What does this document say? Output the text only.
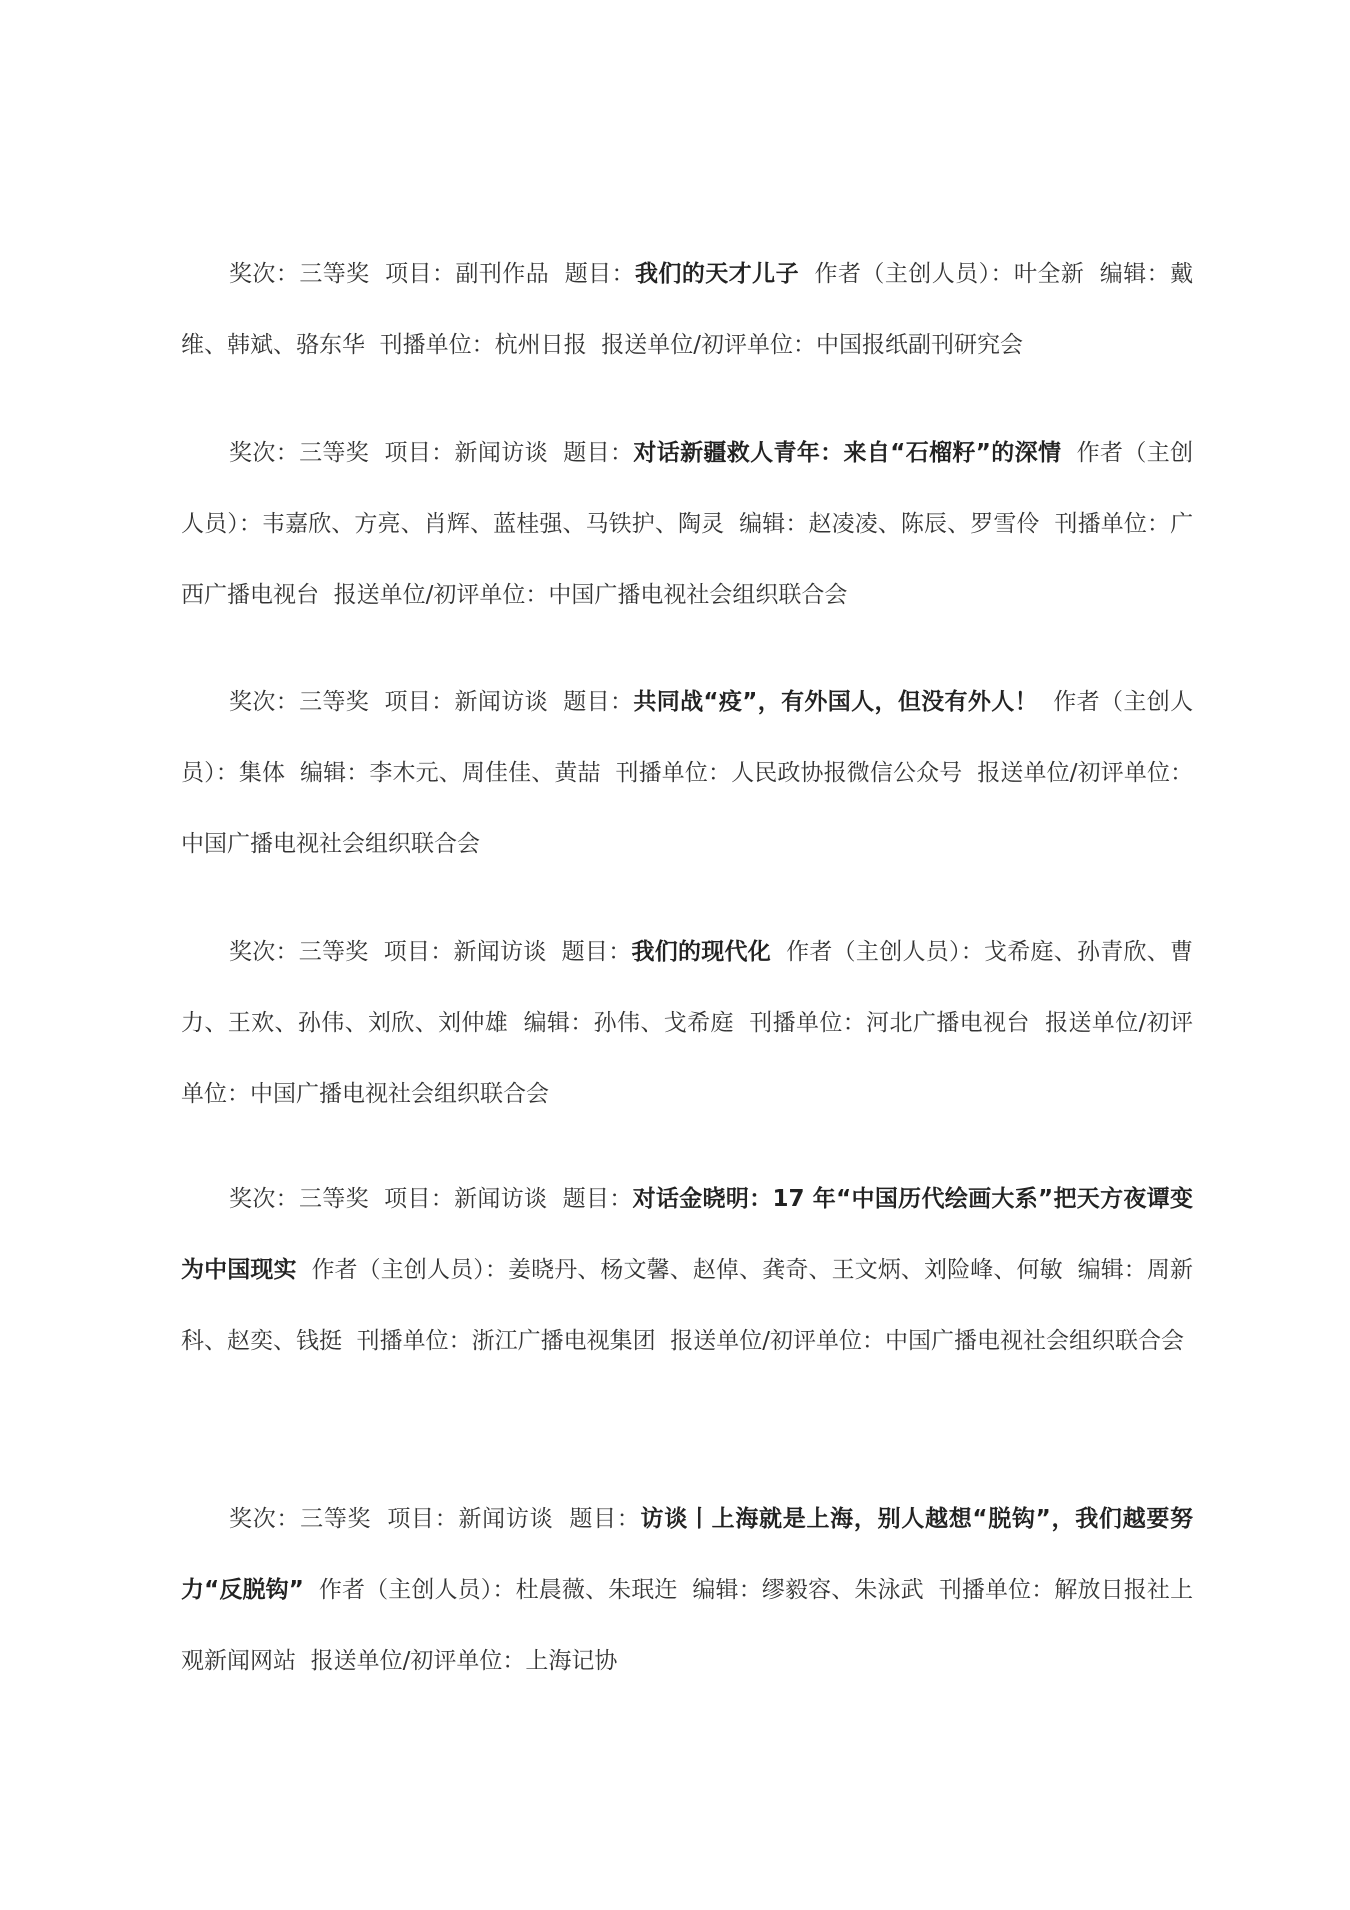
奖次：三等奖 项目：副刊作品 题目：我们的天才儿子 作者（主创人员）：叶全新 编辑：戴维、韩斌、骆东华 刊播单位：杭州日报 报送单位/初评单位：中国报纸副刊研究会

奖次：三等奖 项目：新闻访谈 题目：对话新疆救人青年：来自“石榴籽”的深情 作者（主创人员）：韦嘉欣、方亮、肖辉、蓝桂强、马铁护、陶灵 编辑：赵凌凌、陈辰、罗雪伶 刊播单位：广西广播电视台 报送单位/初评单位：中国广播电视社会组织联合会

奖次：三等奖 项目：新闻访谈 题目：共同战“疫”，有外国人，但没有外人！ 作者（主创人员）：集体 编辑：李木元、周佳佳、黄喆 刊播单位：人民政协报微信公众号 报送单位/初评单位：中国广播电视社会组织联合会

奖次：三等奖 项目：新闻访谈 题目：我们的现代化 作者（主创人员）：戈希庭、孙青欣、曹力、王欢、孙伟、刘欣、刘仲雄 编辑：孙伟、戈希庭 刊播单位：河北广播电视台 报送单位/初评单位：中国广播电视社会组织联合会

奖次：三等奖 项目：新闻访谈 题目：对话金晓明：17 年“中国历代绘画大系”把天方夜谭变为中国现实 作者（主创人员）：姜晓丹、杨文馨、赵倬、龚奇、王文炳、刘险峰、何敏 编辑：周新科、赵奕、钱挺 刊播单位：浙江广播电视集团 报送单位/初评单位：中国广播电视社会组织联合会

奖次：三等奖 项目：新闻访谈 题目：访谈丨上海就是上海，别人越想“脱钩”，我们越要努力“反脱钩” 作者（主创人员）：杜晨薇、朱珉迕 编辑：缪毅容、朱泳武 刊播单位：解放日报社上观新闻网站 报送单位/初评单位：上海记协
